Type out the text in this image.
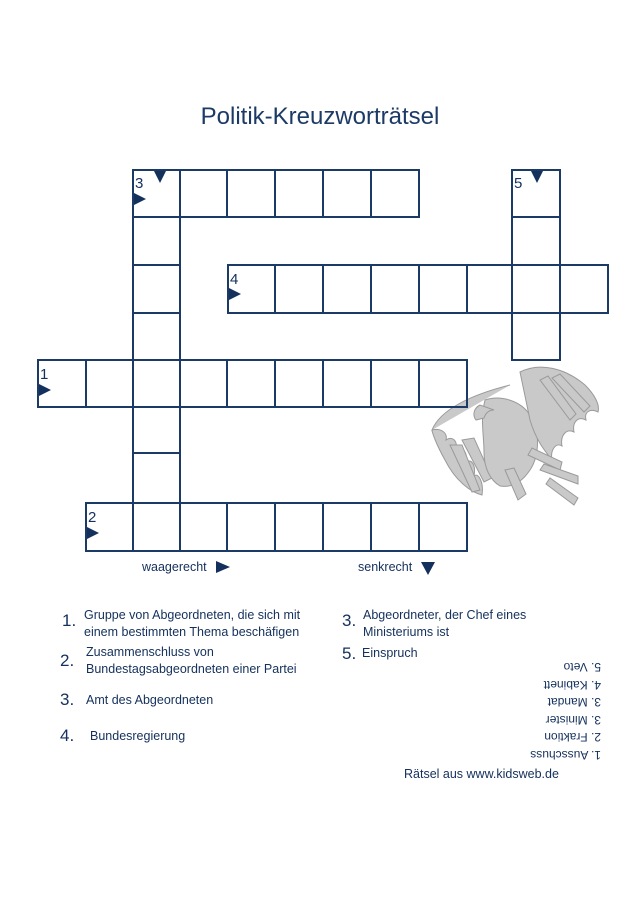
Politik-Kreuzworträtsel
3	5
4
1
2
waagerecht	senkrecht
1. Gruppe von Abgeordneten, die sich mit einem bestimmten Thema beschäfigen
2. Zusammenschluss von Bundestagsabgeordneten einer Partei
3. Amt des Abgeordneten
4. Bundesregierung
3. Abgeordneter, der Chef eines Ministeriums ist
5. Einspruch
1. Ausschuss
2. Fraktion
3. Minister
3. Mandat
4. Kabinett
5. Veto
Rätsel aus www.kidsweb.de
